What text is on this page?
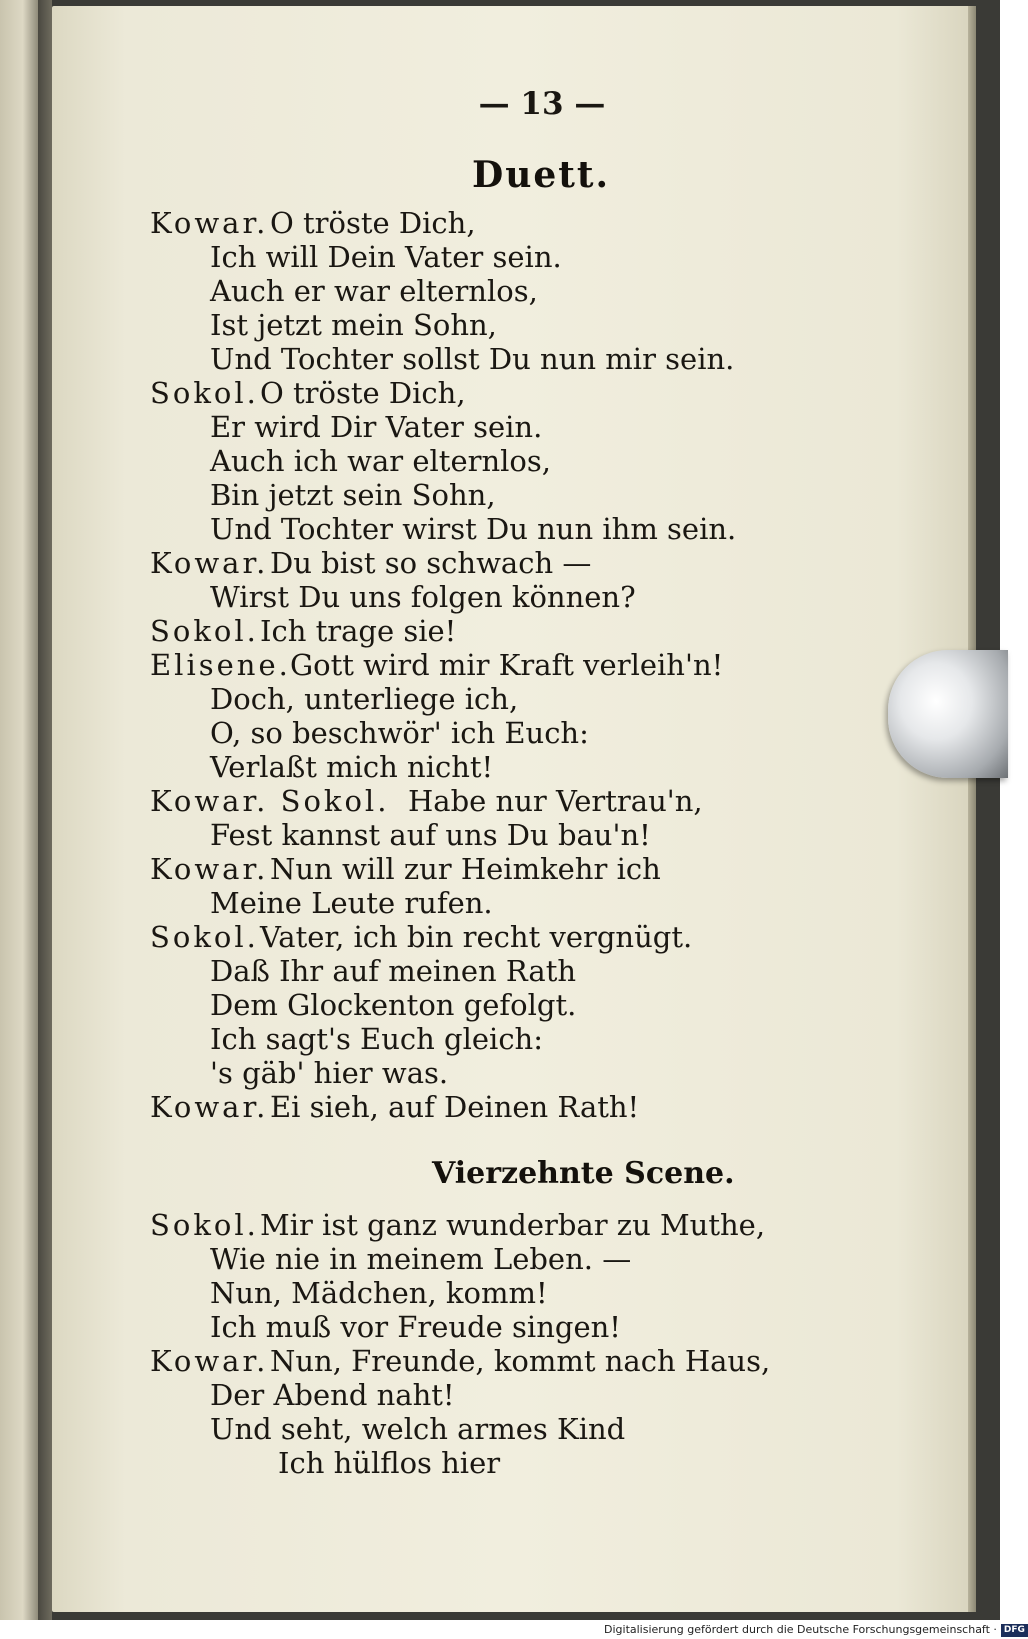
— 13 —
Duett.
Kowar. O tröste Dich,
Ich will Dein Vater sein.
Auch er war elternlos,
Ist jetzt mein Sohn,
Und Tochter sollst Du nun mir sein.
Sokol. O tröste Dich,
Er wird Dir Vater sein.
Auch ich war elternlos,
Bin jetzt sein Sohn,
Und Tochter wirst Du nun ihm sein.
Kowar. Du bist so schwach —
Wirst Du uns folgen können?
Sokol. Ich trage sie!
Elisene. Gott wird mir Kraft verleih'n!
Doch, unterliege ich,
O, so beschwör' ich Euch:
Verlaßt mich nicht!
Kowar. Sokol. Habe nur Vertrau'n,
Fest kannst auf uns Du bau'n!
Kowar. Nun will zur Heimkehr ich
Meine Leute rufen.
Sokol. Vater, ich bin recht vergnügt.
Daß Ihr auf meinen Rath
Dem Glockenton gefolgt.
Ich sagt's Euch gleich:
's gäb' hier was.
Kowar. Ei sieh, auf Deinen Rath!
Vierzehnte Scene.
Sokol. Mir ist ganz wunderbar zu Muthe,
Wie nie in meinem Leben. —
Nun, Mädchen, komm!
Ich muß vor Freude singen!
Kowar. Nun, Freunde, kommt nach Haus,
Der Abend naht!
Und seht, welch armes Kind
Ich hülflos hier
Digitalisierung gefördert durch die Deutsche Forschungsgemeinschaft · DFG
